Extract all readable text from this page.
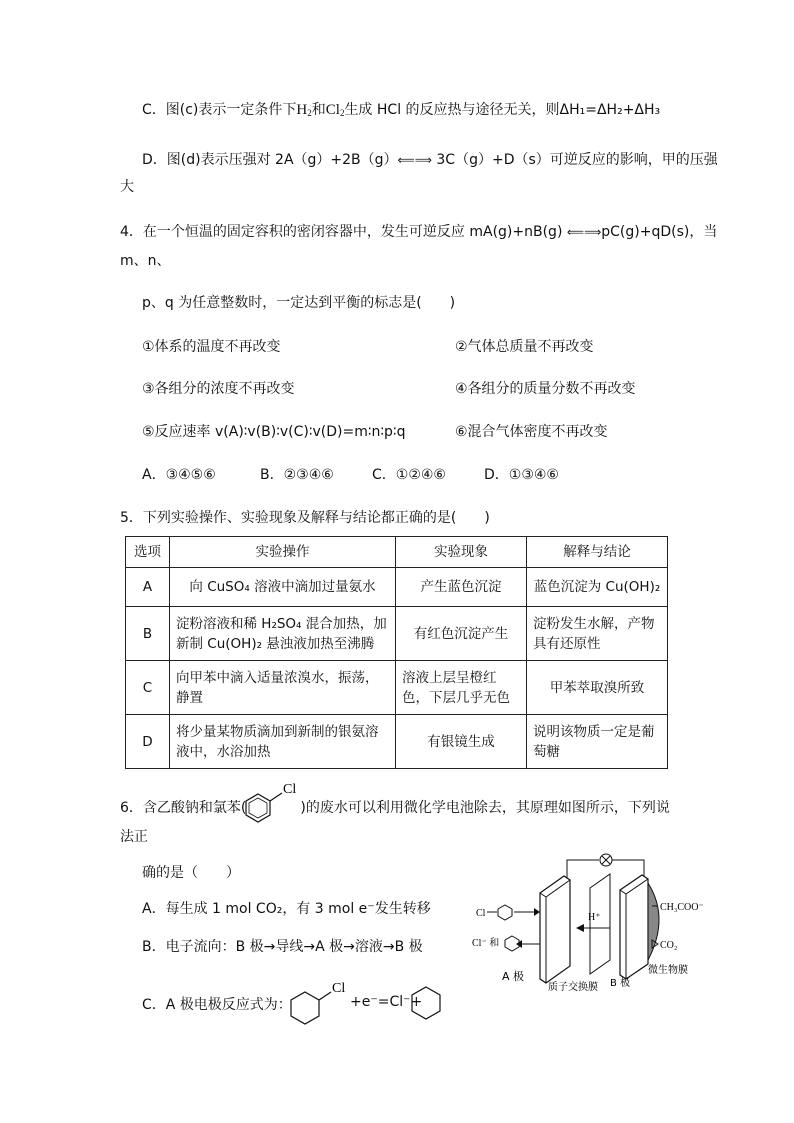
C．图(c)表示一定条件下$H_2$和$Cl_2$生成 HCl 的反应热与途径无关，则ΔH₁=ΔH₂+ΔH₃
D．图(d)表示压强对 2A（g）+2B（g）⟸⟹ 3C（g）+D（s）可逆反应的影响，甲的压强
大
4．在一个恒温的固定容积的密闭容器中，发生可逆反应 mA(g)+nB(g) ⟸⟹pC(g)+qD(s)，当
m、n、
p、q 为任意整数时，一定达到平衡的标志是(　　)
①体系的温度不再改变	②气体总质量不再改变
③各组分的浓度不再改变	④各组分的质量分数不再改变
⑤反应速率 v(A)∶v(B)∶v(C)∶v(D)=m∶n∶p∶q	⑥混合气体密度不再改变
A．③④⑤⑥	B．②③④⑥	C．①②④⑥	D．①③④⑥
5．下列实验操作、实验现象及解释与结论都正确的是(　　)
选项	实验操作	实验现象	解释与结论
A	向 CuSO₄ 溶液中滴加过量氨水	产生蓝色沉淀	蓝色沉淀为 Cu(OH)₂
B	淀粉溶液和稀 H₂SO₄ 混合加热，加新制 Cu(OH)₂ 悬浊液加热至沸腾	有红色沉淀产生	淀粉发生水解，产物具有还原性
C	向甲苯中滴入适量浓溴水，振荡，静置	溶液上层呈橙红色，下层几乎无色	甲苯萃取溴所致
D	将少量某物质滴加到新制的银氨溶液中，水浴加热	有银镜生成	说明该物质一定是葡萄糖
6．含乙酸钠和氯苯(	)的废水可以利用微化学电池除去，其原理如图所示，下列说
Cl
法正
确的是（　　）
A．每生成 1 mol CO₂，有 3 mol e⁻发生转移
B．电子流向：B 极→导线→A 极→溶液→B 极
C．A 极电极反应式为：
Cl
+e⁻=Cl⁻+
H⁺
Cl
Cl⁻ 和
CH₃COO⁻
CO₂
A 极
质子交换膜 B 极
微生物膜
